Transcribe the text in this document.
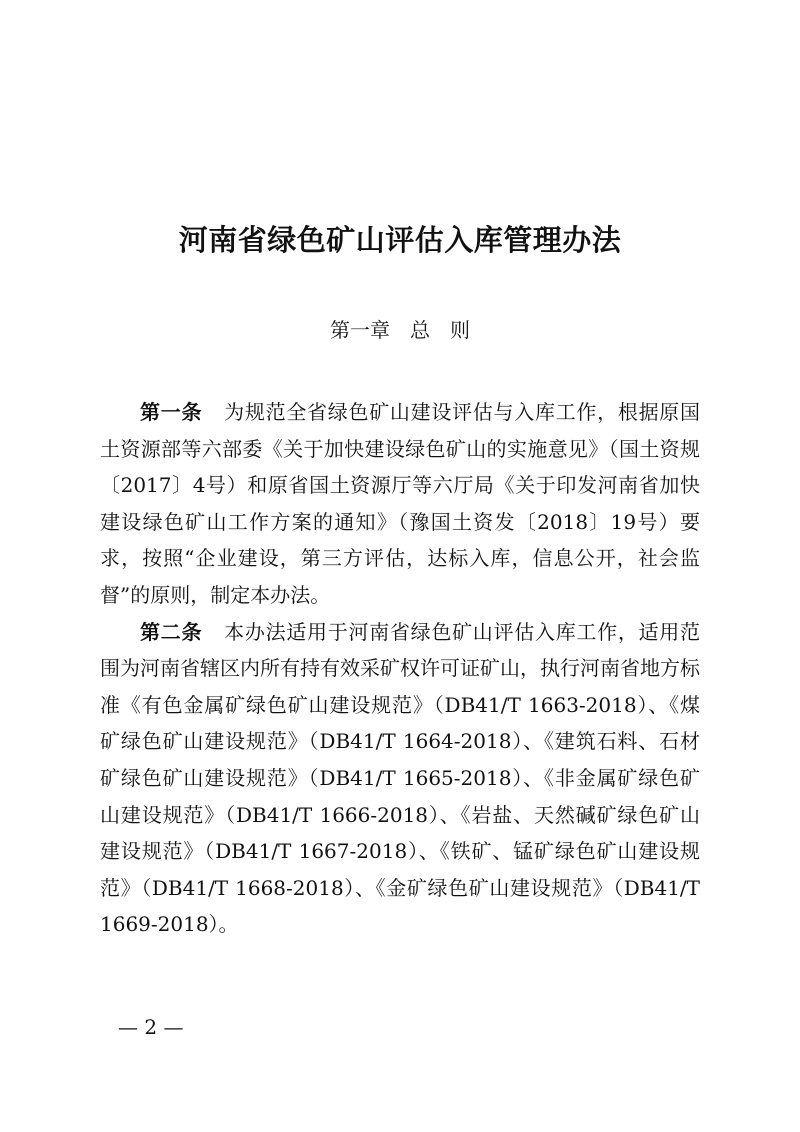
河南省绿色矿山评估入库管理办法
第一章　总　则

第一条 为规范全省绿色矿山建设评估与入库工作，根据原国土资源部等六部委《关于加快建设绿色矿山的实施意见》（国土资规〔2017〕4号）和原省国土资源厅等六厅局《关于印发河南省加快建设绿色矿山工作方案的通知》（豫国土资发〔2018〕19号）要求，按照“企业建设，第三方评估，达标入库，信息公开，社会监督”的原则，制定本办法。

第二条 本办法适用于河南省绿色矿山评估入库工作，适用范围为河南省辖区内所有持有效采矿权许可证矿山，执行河南省地方标准《有色金属矿绿色矿山建设规范》（DB41/T 1663-2018）、《煤矿绿色矿山建设规范》（DB41/T 1664-2018）、《建筑石料、石材矿绿色矿山建设规范》（DB41/T 1665-2018）、《非金属矿绿色矿山建设规范》（DB41/T 1666-2018）、《岩盐、天然碱矿绿色矿山建设规范》（DB41/T 1667-2018）、《铁矿、锰矿绿色矿山建设规范》（DB41/T 1668-2018）、《金矿绿色矿山建设规范》（DB41/T 1669-2018）。

— 2 —
